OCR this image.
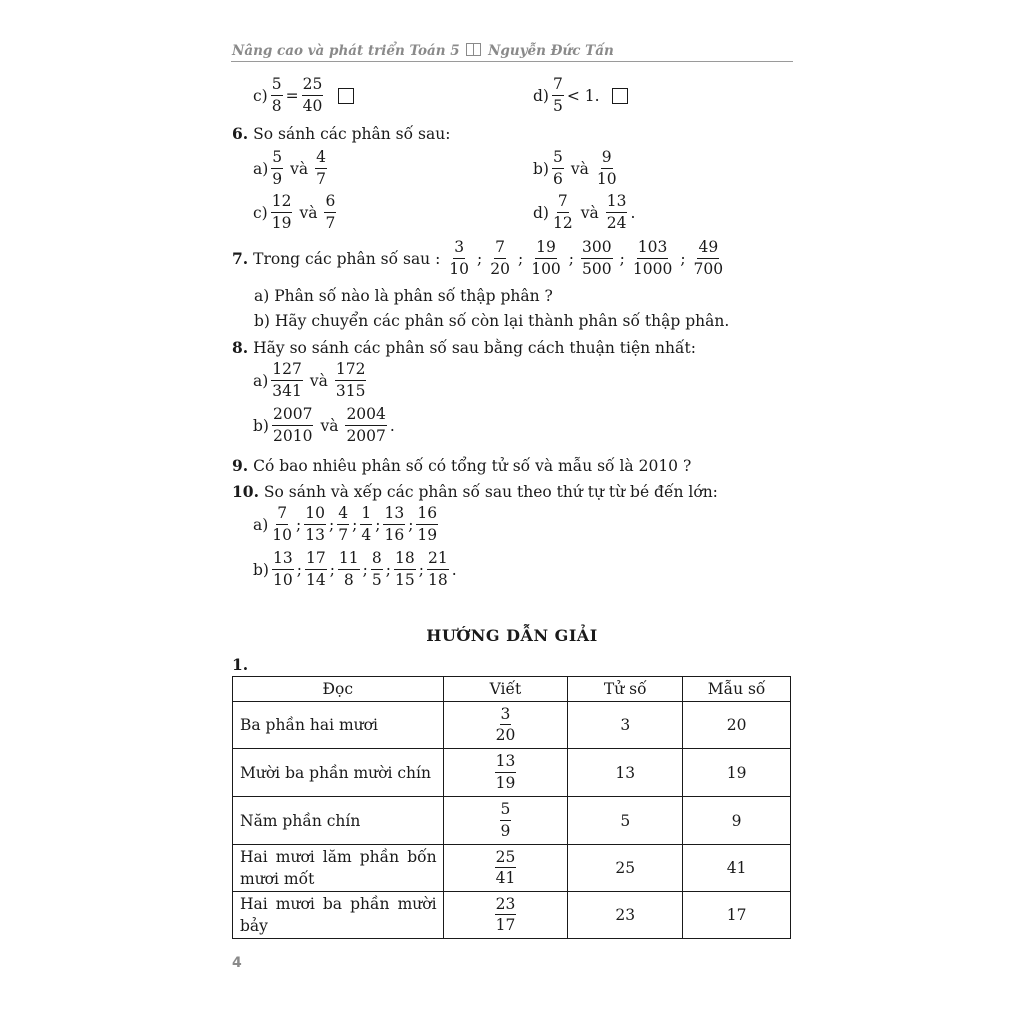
Nâng cao và phát triển Toán 5 Nguyễn Đức Tấn
$c) \frac{5}{8} = \frac{25}{40}$	d)
7
5
< 1.
6.
So sánh các phân số sau:
a)
5
9
và
4
7
b)
5
6
và
9
10
c)
12
19
và
6
7
d)
7
12
và
13
24
.
7.
Trong các phân số sau :

3
10
;
7
20
;
19
100
;
300
500
;
103
1000
;
49
700
a) Phân số nào là phân số thập phân ?
b) Hãy chuyển các phân số còn lại thành phân số thập phân.
8.
Hãy so sánh các phân số sau bằng cách thuận tiện nhất:
a)
127
341
và
172
315
b)
2007
2010
và
2004
2007
.
9.
Có bao nhiêu phân số có tổng tử số và mẫu số là 2010 ?
10.
So sánh và xếp các phân số sau theo thứ tự từ bé đến lớn:
a)
7
10
;
10
13
;
4
7
;
1
4
;
13
16
;
16
19
b)
13
10
;
17
14
;
11
8
;
8
5
;
18
15
;
21
18
.
HƯỚNG DẪN GIẢI
1.
Đọc	Viết	Tử số	Mẫu số
Ba phần hai mươi	$\frac{3}{20}$	3	20
Mười ba phần mười chín	$\frac{13}{19}$	13	19
Năm phần chín	$\frac{5}{9}$	5	9
Hai mươi lăm phần bốn mươi mốt	$\frac{25}{41}$	25	41
Hai mươi ba phần mười bảy	$\frac{23}{17}$	23	17
4
